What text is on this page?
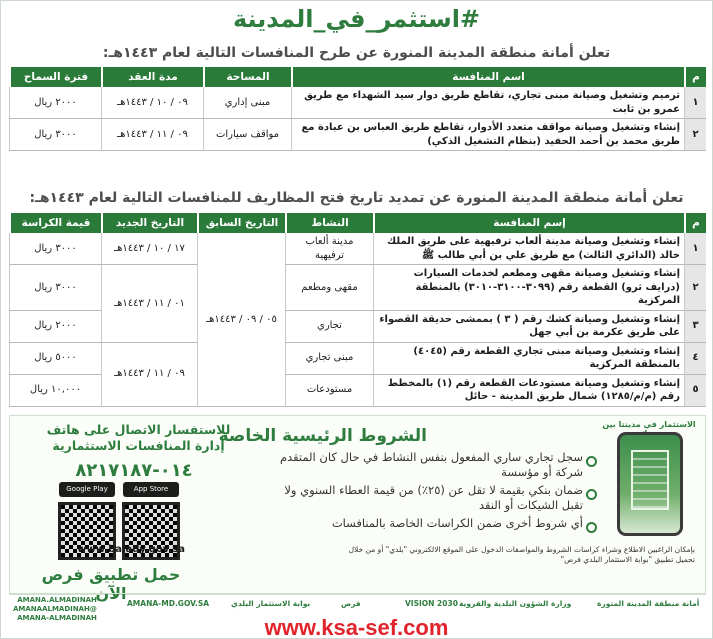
#استثمر_في_المدينة
تعلن أمانة منطقة المدينة المنورة عن طرح المنافسات التالية لعام ١٤٤٣هـ:
م	اسم المنافسة	المساحة	مدة العقد	فترة السماح
١	ترميم وتشغيل وصيانة مبنى تجاري، تقاطع طريق دوار سيد الشهداء مع طريق عمرو بن ثابت	مبنى إداري	٠٩ / ١٠ / ١٤٤٣هـ	٢٠٠٠ ريال
٢	إنشاء وتشغيل وصيانة مواقف متعدد الأدوار، تقاطع طريق العباس بن عبادة مع طريق محمد بن أحمد الحفيد (بنظام التشغيل الذكي)	مواقف سيارات	٠٩ / ١١ / ١٤٤٣هـ	٣٠٠٠ ريال
تعلن أمانة منطقة المدينة المنورة عن تمديد تاريخ فتح المظاريف للمنافسات التالية لعام ١٤٤٣هـ:
م	إسم المنافسة	النشاط	التاريخ السابق	التاريخ الجديد	قيمة الكراسة
١	إنشاء وتشغيل وصيانة مدينة ألعاب ترفيهية على طريق الملك خالد (الدائري الثالث) مع طريق علي بن أبي طالب ﷺ	مدينة ألعاب ترفيهية	٠٥ / ٠٩ / ١٤٤٣هـ	١٧ / ١٠ / ١٤٤٣هـ	٣٠٠٠ ريال
٢	إنشاء وتشغيل وصيانة مقهى ومطعم لخدمات السيارات (درايف ثرو) القطعة رقم (٣٠٩٩-٣١٠٠-٣٠١٠) بالمنطقة المركزية	مقهى ومطعم		٠١ / ١١ / ١٤٤٣هـ	٣٠٠٠ ريال
٣	إنشاء وتشغيل وصيانة كشك رقم ( ٣ ) بممشى حديقة القصواء على طريق عكرمة بن أبي جهل	تجاري			٢٠٠٠ ريال
٤	إنشاء وتشغيل وصيانة مبنى تجاري القطعة رقم (٤٠٤٥) بالمنطقة المركزية	مبنى تجاري		٠٩ / ١١ / ١٤٤٣هـ	٥٠٠٠ ريال
٥	إنشاء وتشغيل وصيانة مستودعات القطعة رقم (١) بالمخطط رقم (م/م/١٢٨٥) شمال طريق المدينة - حائل	مستودعات			١٠,٠٠٠ ريال
الاستثمار في مدينتا بين
الشروط الرئيسية الخاصة
سجل تجاري ساري المفعول بنفس النشاط في حال كان المتقدم شركة أو مؤسسة
ضمان بنكي بقيمة لا تقل عن (٢٥٪) من قيمة العطاء السنوي ولا تقبل الشيكات أو النقد
أي شروط أخرى ضمن الكراسات الخاصة بالمنافسات
للاستفسار الاتصال على هاتف
إدارة المنافسات الاستثمارية
٠١٤-٨٢١٧١٨٧
Google Play	App Store
حمل تطبيق فرص الآن
www.balady.gov.sa	بإمكان الراغبين الاطلاع وشراء كراسات الشروط والمواصفات الدخول على الموقع الالكتروني "بلدي" أو من خلال تحميل تطبيق "بوابة الاستثمار البلدي فرص"
AMANA.ALMADINAH
@AMANAALMADINAH
AMANA-ALMADINAH
AMANA-MD.GOV.SA	بوابة الاستثمار البلدي	فرص	VISION 2030 وزارة الشؤون البلدية والقروية	أمانة منطقة المدينة المنورة
www.ksa-sef.com
